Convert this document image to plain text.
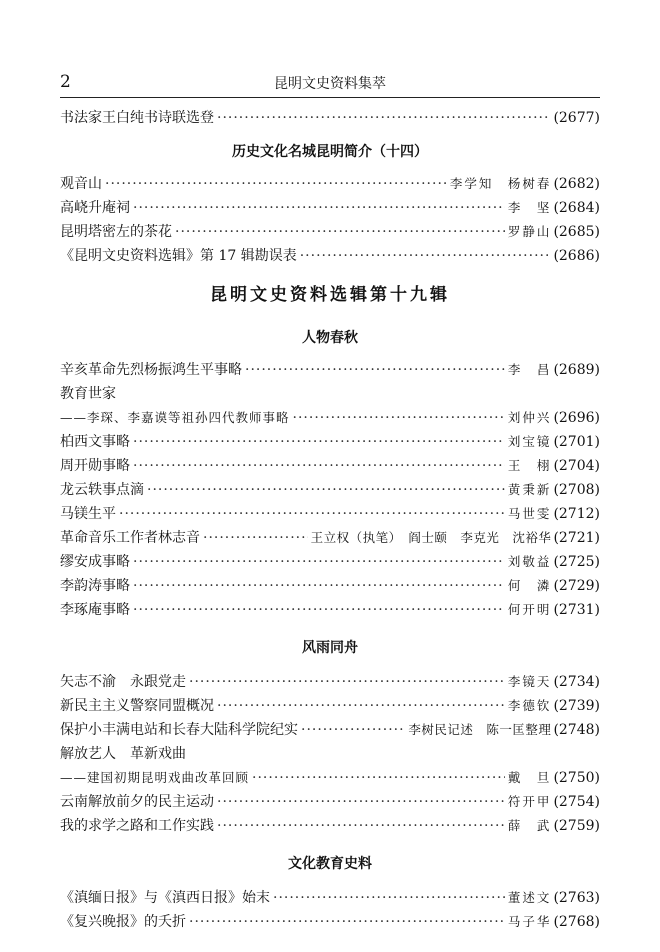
2	昆明文史资料集萃
书法家王白纯书诗联选登 ·····	(2677)
历史文化名城昆明简介（十四）
观音山 ·····	李学知　杨树春 (2682)
高峣升庵祠 ·····	李　坚 (2684)
昆明塔密左的茶花 ·····	罗静山 (2685)
《昆明文史资料选辑》第 17 辑勘误表 ·····	(2686)
昆明文史资料选辑第十九辑
人物春秋
辛亥革命先烈杨振鸿生平事略 ·····	李　昌 (2689)
教育世家
——李琛、李嘉谟等祖孙四代教师事略 ·····	刘仲兴 (2696)
柏西文事略 ·····	刘宝镜 (2701)
周开勋事略 ·····	王　栩 (2704)
龙云轶事点滴 ·····	黄秉新 (2708)
马镁生平 ·····	马世雯 (2712)
革命音乐工作者林志音 ·····	王立权（执笔）　阎士颐　李克光　沈裕华 (2721)
缪安成事略 ·····	刘敬益 (2725)
李韵涛事略 ·····	何　潾 (2729)
李琢庵事略 ·····	何开明 (2731)
风雨同舟
矢志不渝　永跟党走 ·····	李镜天 (2734)
新民主主义警察同盟概况 ·····	李德钦 (2739)
保护小丰满电站和长春大陆科学院纪实 ·····	李树民记述　陈一匡整理 (2748)
解放艺人　革新戏曲
——建国初期昆明戏曲改革回顾 ·····	戴　旦 (2750)
云南解放前夕的民主运动 ·····	符开甲 (2754)
我的求学之路和工作实践 ·····	薛　武 (2759)
文化教育史料
《滇缅日报》与《滇西日报》始末 ·····	董述文 (2763)
《复兴晚报》的夭折 ·····	马子华 (2768)
